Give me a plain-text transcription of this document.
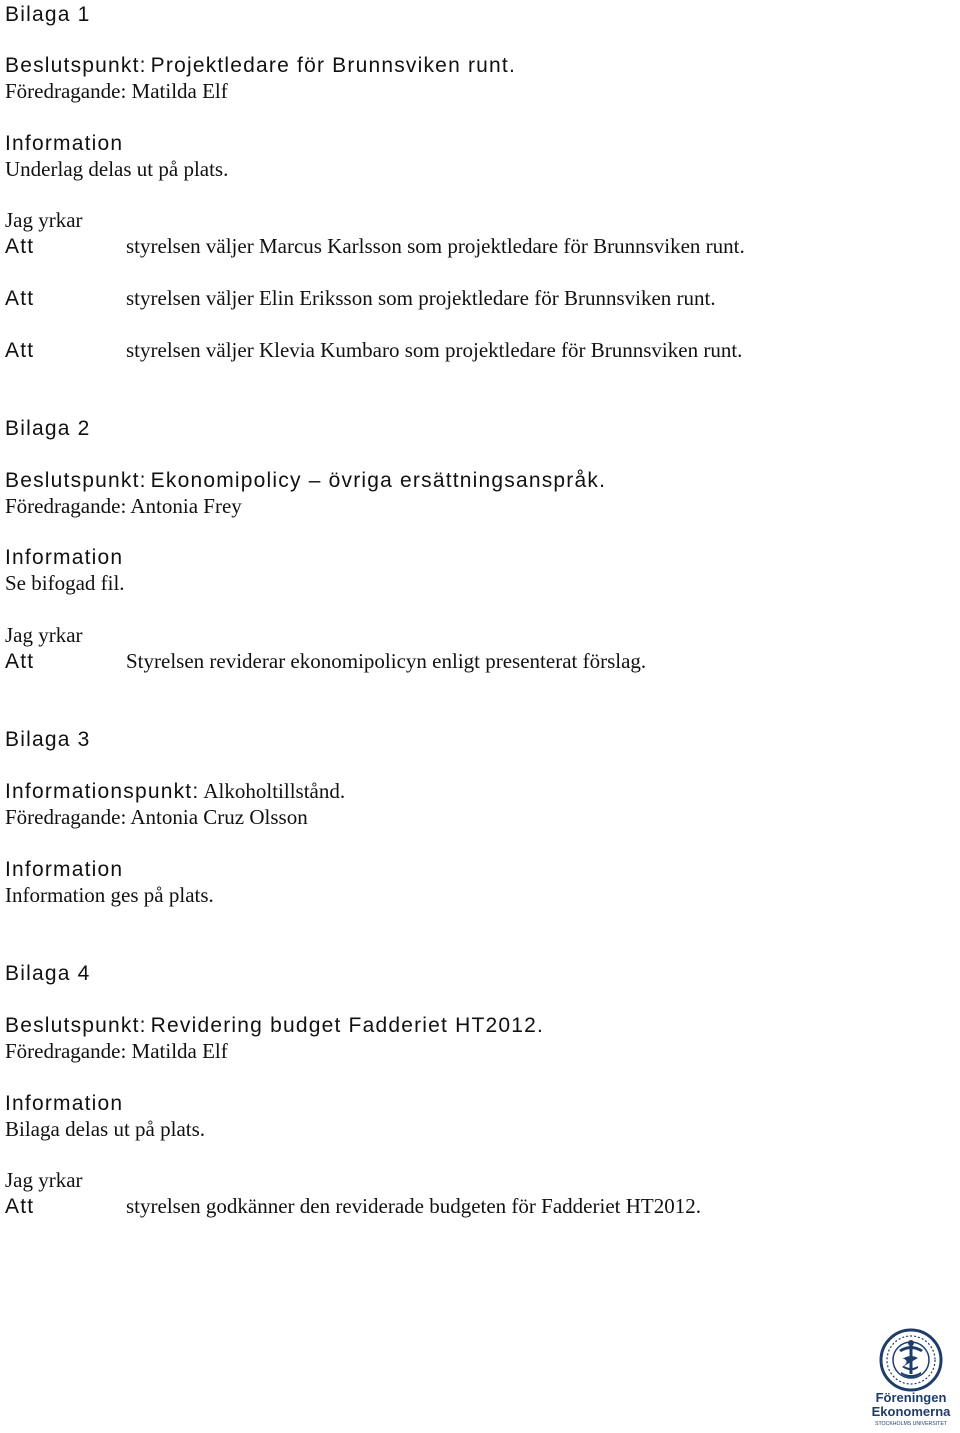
Bilaga 1
Beslutspunkt: Projektledare för Brunnsviken runt.
Föredragande: Matilda Elf
Information
Underlag delas ut på plats.
Jag yrkar
Att	styrelsen väljer Marcus Karlsson som projektledare för Brunnsviken runt.
Att	styrelsen väljer Elin Eriksson som projektledare för Brunnsviken runt.
Att	styrelsen väljer Klevia Kumbaro som projektledare för Brunnsviken runt.
Bilaga 2
Beslutspunkt: Ekonomipolicy – övriga ersättningsanspråk.
Föredragande: Antonia Frey
Information
Se bifogad fil.
Jag yrkar
Att	Styrelsen reviderar ekonomipolicyn enligt presenterat förslag.
Bilaga 3
Informationspunkt: Alkoholtillstånd.
Föredragande: Antonia Cruz Olsson
Information
Information ges på plats.
Bilaga 4
Beslutspunkt: Revidering budget Fadderiet HT2012.
Föredragande: Matilda Elf
Information
Bilaga delas ut på plats.
Jag yrkar
Att	styrelsen godkänner den reviderade budgeten för Fadderiet HT2012.
Föreningen
Ekonomerna
STOCKHOLMS UNIVERSITET
